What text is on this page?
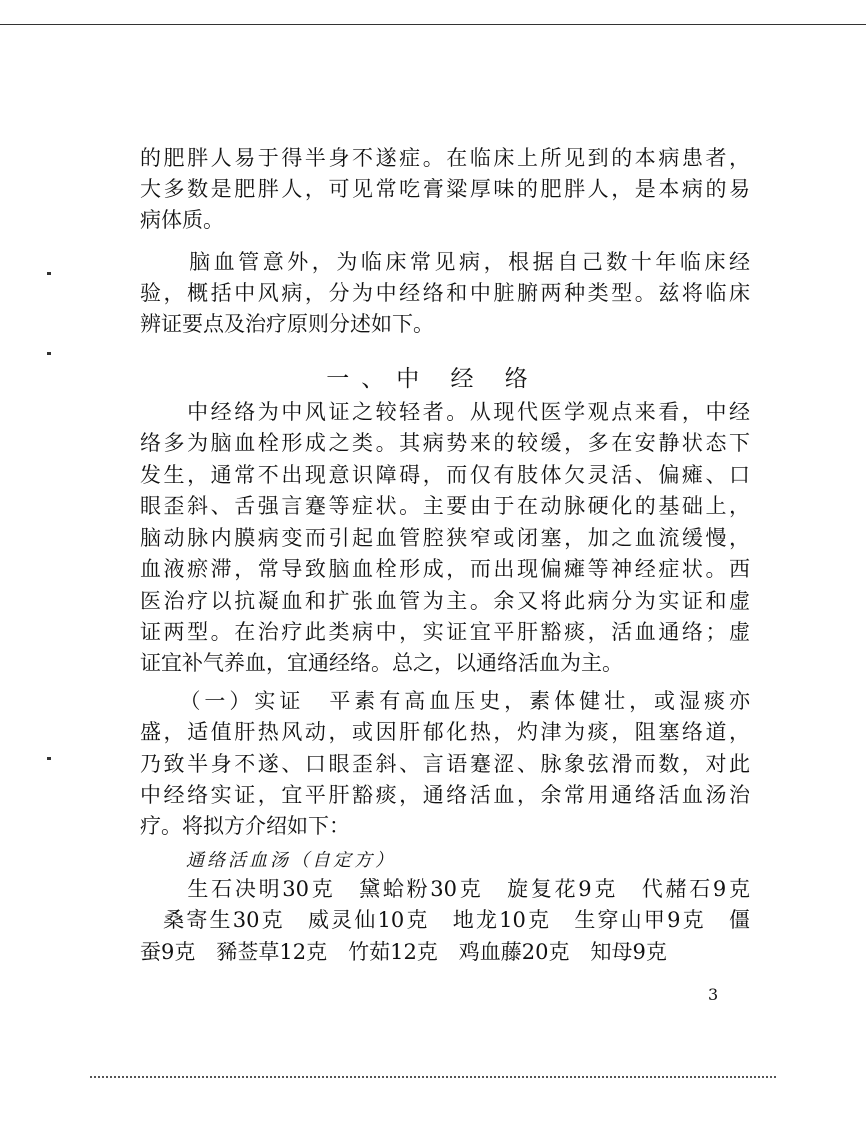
的肥胖人易于得半身不遂症。在临床上所见到的本病患者，
大多数是肥胖人，可见常吃膏粱厚味的肥胖人，是本病的易
病体质。
　　脑血管意外，为临床常见病，根据自己数十年临床经
验，概括中风病，分为中经络和中脏腑两种类型。兹将临床
辨证要点及治疗原则分述如下。
一、中 经 络
　　中经络为中风证之较轻者。从现代医学观点来看，中经
络多为脑血栓形成之类。其病势来的较缓，多在安静状态下
发生，通常不出现意识障碍，而仅有肢体欠灵活、偏瘫、口
眼歪斜、舌强言蹇等症状。主要由于在动脉硬化的基础上，
脑动脉内膜病变而引起血管腔狭窄或闭塞，加之血流缓慢，
血液瘀滞，常导致脑血栓形成，而出现偏瘫等神经症状。西
医治疗以抗凝血和扩张血管为主。余又将此病分为实证和虚
证两型。在治疗此类病中，实证宜平肝豁痰，活血通络；虚
证宜补气养血，宜通经络。总之，以通络活血为主。
　　（一）实证　平素有高血压史，素体健壮，或湿痰亦
盛，适值肝热风动，或因肝郁化热，灼津为痰，阻塞络道，
乃致半身不遂、口眼歪斜、言语蹇涩、脉象弦滑而数，对此
中经络实证，宜平肝豁痰，通络活血，余常用通络活血汤治
疗。将拟方介绍如下：
通络活血汤（自定方）
　　生石决明30克　黛蛤粉30克　旋复花9克　代赭石9克
　桑寄生30克　威灵仙10克　地龙10克　生穿山甲9克　僵
蚕9克　豨莶草12克　竹茹12克　鸡血藤20克　知母9克
3
